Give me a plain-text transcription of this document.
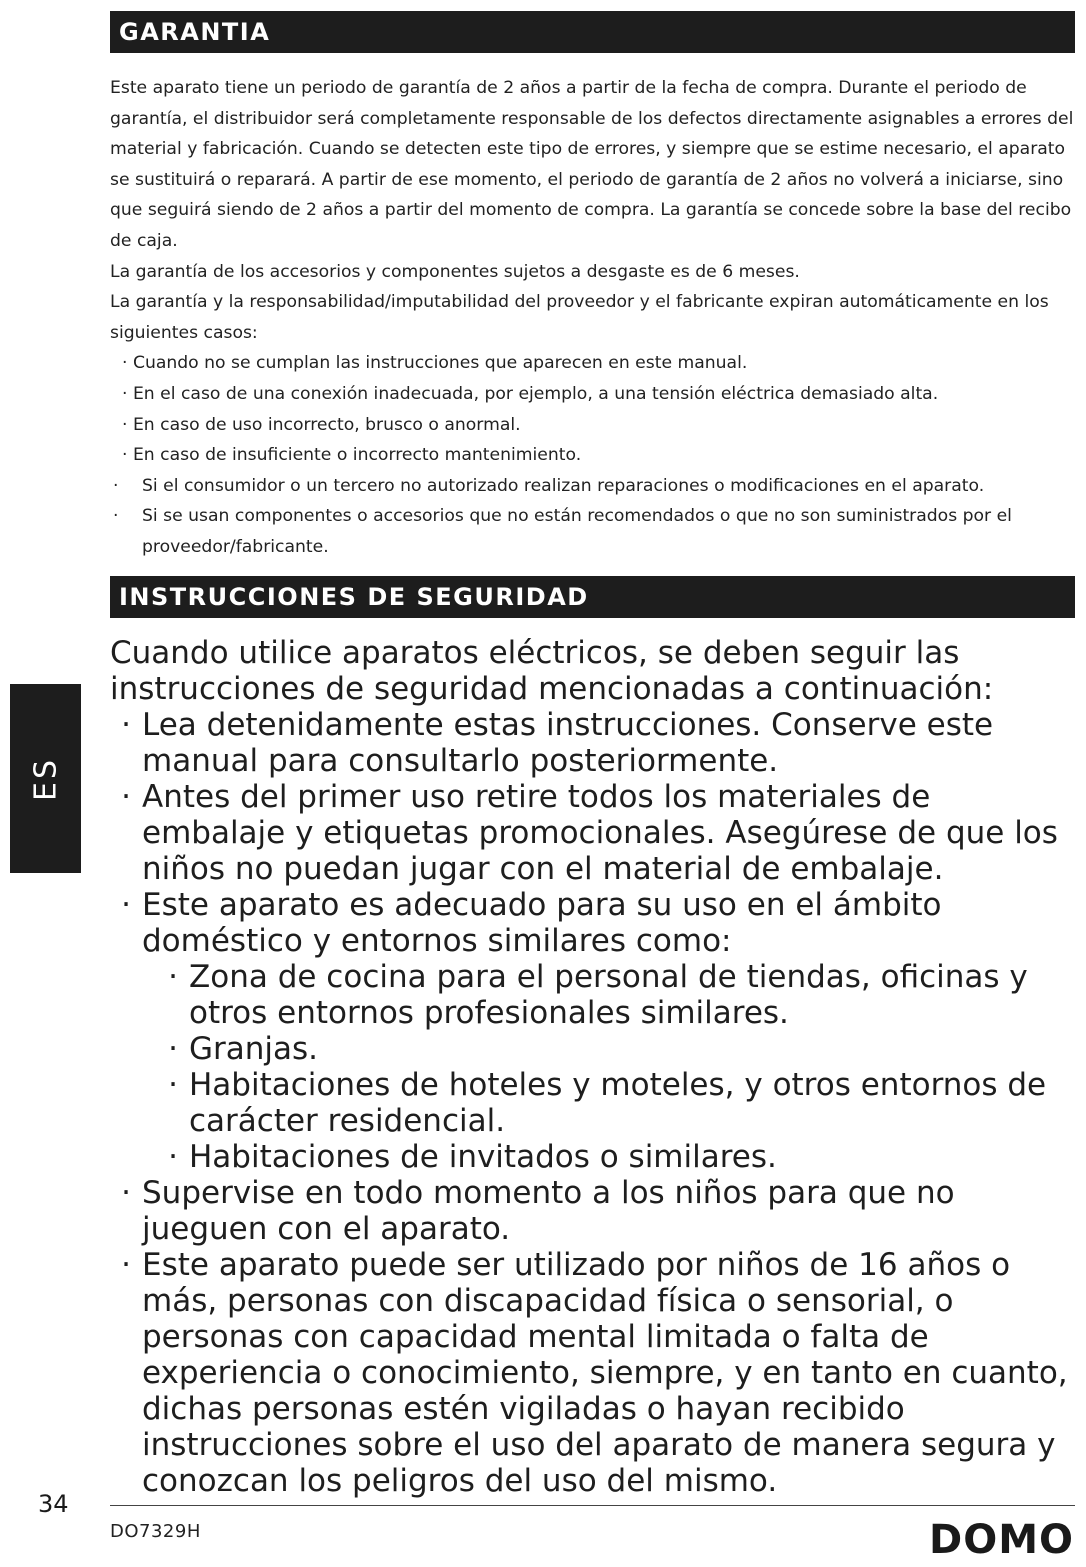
GARANTIA

Este aparato tiene un periodo de garantía de 2 años a partir de la fecha de compra. Durante el periodo de garantía, el distribuidor será completamente responsable de los defectos directamente asignables a errores del material y fabricación. Cuando se detecten este tipo de errores, y siempre que se estime necesario, el aparato se sustituirá o reparará. A partir de ese momento, el periodo de garantía de 2 años no volverá a iniciarse, sino que seguirá siendo de 2 años a partir del momento de compra. La garantía se concede sobre la base del recibo de caja.

La garantía de los accesorios y componentes sujetos a desgaste es de 6 meses.

La garantía y la responsabilidad/imputabilidad del proveedor y el fabricante expiran automáticamente en los siguientes casos:

· Cuando no se cumplan las instrucciones que aparecen en este manual.

· En el caso de una conexión inadecuada, por ejemplo, a una tensión eléctrica demasiado alta.

· En caso de uso incorrecto, brusco o anormal.

· En caso de insuficiente o incorrecto mantenimiento.

·	Si el consumidor o un tercero no autorizado realizan reparaciones o modificaciones en el aparato.

·	Si se usan componentes o accesorios que no están recomendados o que no son suministrados por el proveedor/fabricante.

INSTRUCCIONES DE SEGURIDAD

Cuando utilice aparatos eléctricos, se deben seguir las instrucciones de seguridad mencionadas a continuación:

· Lea detenidamente estas instrucciones. Conserve este manual para consultarlo posteriormente.
· Antes del primer uso retire todos los materiales de embalaje y etiquetas promocionales. Asegúrese de que los niños no puedan jugar con el material de embalaje.
· Este aparato es adecuado para su uso en el ámbito doméstico y entornos similares como:
· Zona de cocina para el personal de tiendas, oficinas y otros entornos profesionales similares.
· Granjas.
· Habitaciones de hoteles y moteles, y otros entornos de carácter residencial.
· Habitaciones de invitados o similares.
· Supervise en todo momento a los niños para que no jueguen con el aparato.
· Este aparato puede ser utilizado por niños de 16 años o más, personas con discapacidad física o sensorial, o personas con capacidad mental limitada o falta de experiencia o conocimiento, siempre, y en tanto en cuanto, dichas personas estén vigiladas o hayan recibido instrucciones sobre el uso del aparato de manera segura y conozcan los peligros del uso del mismo.
ES
34
DO7329H	DOMO
